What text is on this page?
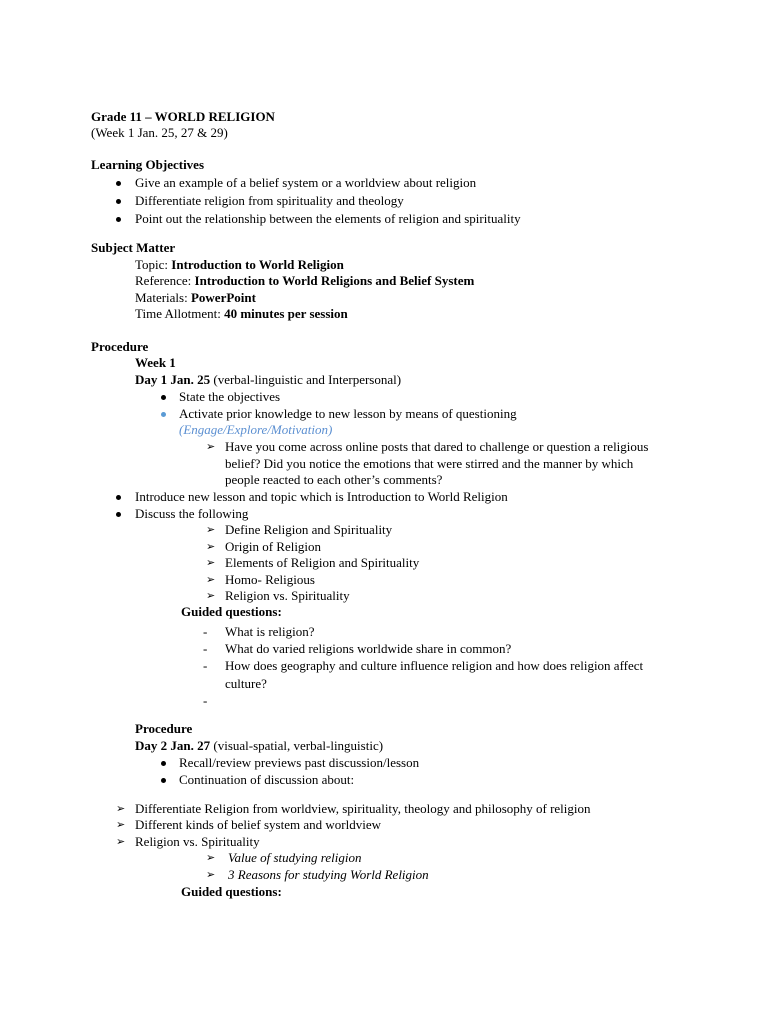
Grade 11 – WORLD RELIGION
(Week 1 Jan. 25, 27 & 29)
Learning Objectives
Give an example of a belief system or a worldview about religion
Differentiate religion from spirituality and theology
Point out the relationship between the elements of religion and spirituality
Subject Matter
Topic: Introduction to World Religion
Reference: Introduction to World Religions and Belief System
Materials: PowerPoint
Time Allotment: 40 minutes per session
Procedure
Week 1
Day 1 Jan. 25 (verbal-linguistic and Interpersonal)
State the objectives
Activate prior knowledge to new lesson by means of questioning
(Engage/Explore/Motivation)
➢ Have you come across online posts that dared to challenge or question a religious
belief? Did you notice the emotions that were stirred and the manner by which
people reacted to each other’s comments?
Introduce new lesson and topic which is Introduction to World Religion
Discuss the following
➢ Define Religion and Spirituality
➢ Origin of Religion
➢ Elements of Religion and Spirituality
➢ Homo- Religious
➢ Religion vs. Spirituality
Guided questions:
- What is religion?
- What do varied religions worldwide share in common?
- How does geography and culture influence religion and how does religion affect
culture?
-
Procedure
Day 2 Jan. 27 (visual-spatial, verbal-linguistic)
Recall/review previews past discussion/lesson
Continuation of discussion about:
➢ Differentiate Religion from worldview, spirituality, theology and philosophy of religion
➢ Different kinds of belief system and worldview
➢ Religion vs. Spirituality
➢ Value of studying religion
➢ 3 Reasons for studying World Religion
Guided questions:
